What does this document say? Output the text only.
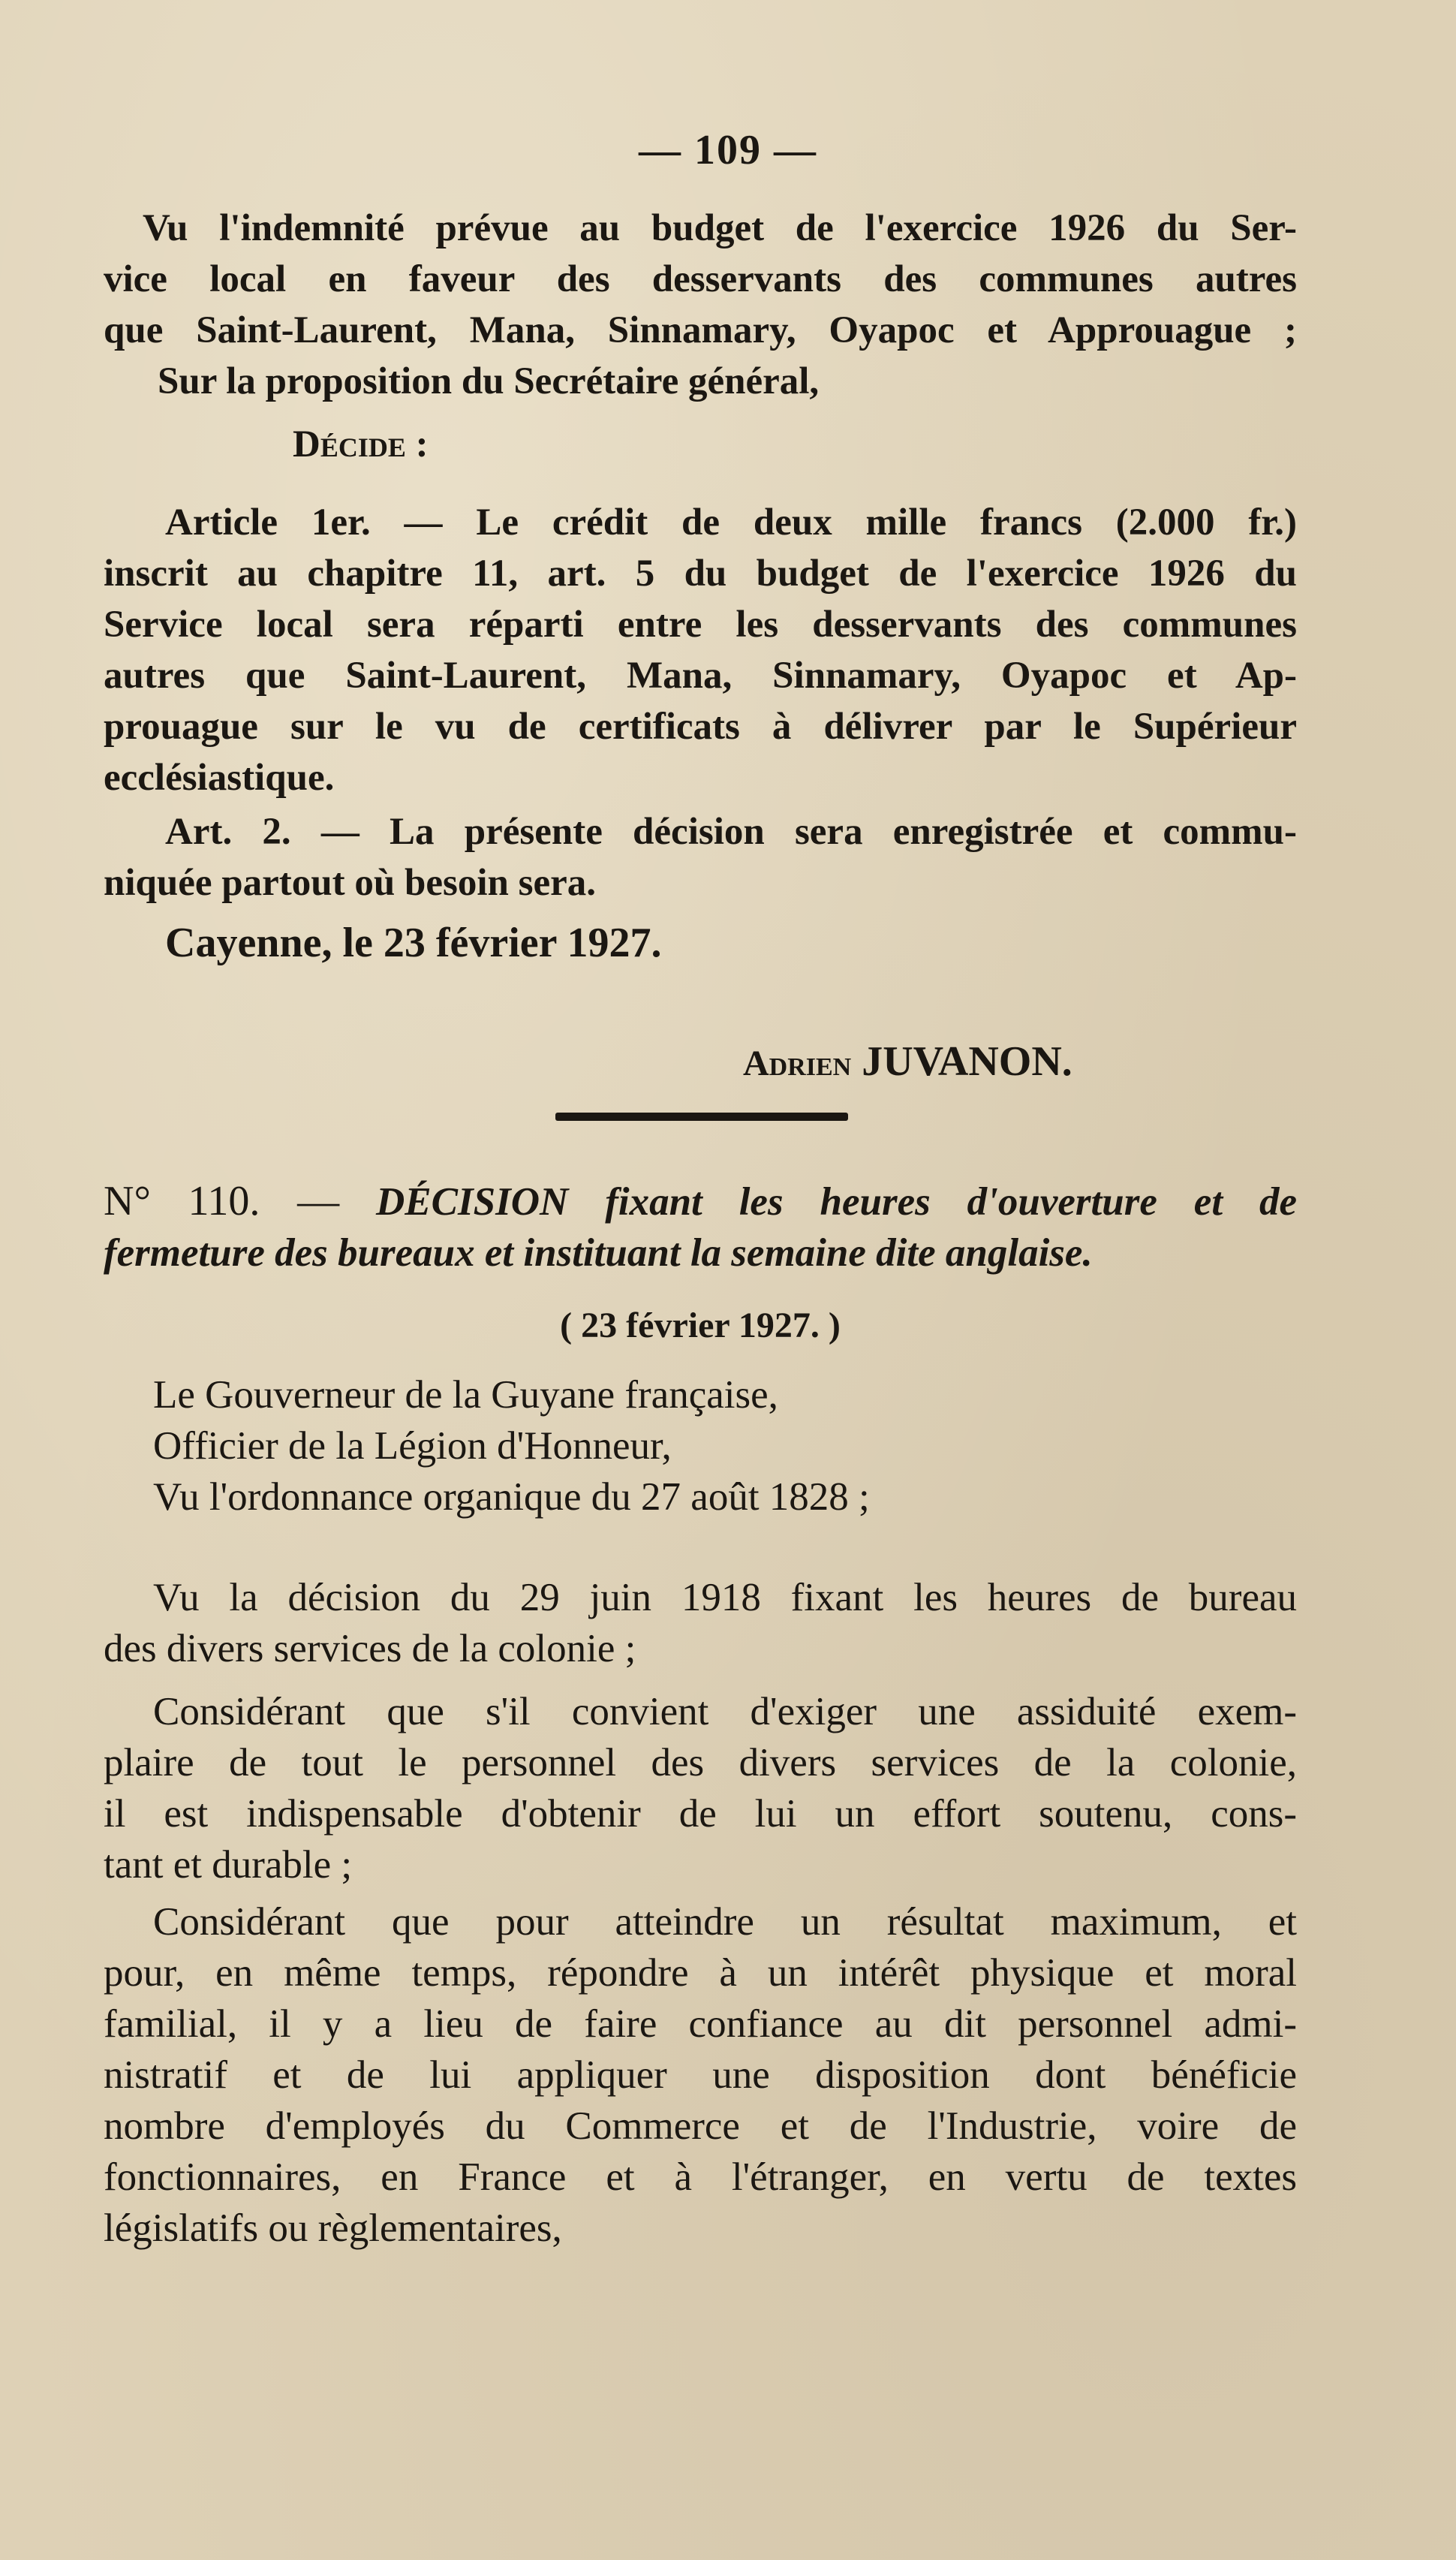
— 109 —
Vu l'indemnité prévue au budget de l'exercice 1926 du Ser-
vice local en faveur des desservants des communes autres
que Saint-Laurent, Mana, Sinnamary, Oyapoc et Approuague ;
Sur la proposition du Secrétaire général,
Décide :
Article 1er. — Le crédit de deux mille francs (2.000 fr.)
inscrit au chapitre 11, art. 5 du budget de l'exercice 1926 du
Service local sera réparti entre les desservants des communes
autres que Saint-Laurent, Mana, Sinnamary, Oyapoc et Ap-
prouague sur le vu de certificats à délivrer par le Supérieur
ecclésiastique.
Art. 2. — La présente décision sera enregistrée et commu-
niquée partout où besoin sera.
Cayenne, le 23 février 1927.
Adrien JUVANON.
N° 110. — DÉCISION fixant les heures d'ouverture et de
fermeture des bureaux et instituant la semaine dite anglaise.
( 23 février 1927. )
Le Gouverneur de la Guyane française,
Officier de la Légion d'Honneur,
Vu l'ordonnance organique du 27 août 1828 ;
Vu la décision du 29 juin 1918 fixant les heures de bureau
des divers services de la colonie ;
Considérant que s'il convient d'exiger une assiduité exem-
plaire de tout le personnel des divers services de la colonie,
il est indispensable d'obtenir de lui un effort soutenu, cons-
tant et durable ;
Considérant que pour atteindre un résultat maximum, et
pour, en même temps, répondre à un intérêt physique et moral
familial, il y a lieu de faire confiance au dit personnel admi-
nistratif et de lui appliquer une disposition dont bénéficie
nombre d'employés du Commerce et de l'Industrie, voire de
fonctionnaires, en France et à l'étranger, en vertu de textes
législatifs ou règlementaires,
